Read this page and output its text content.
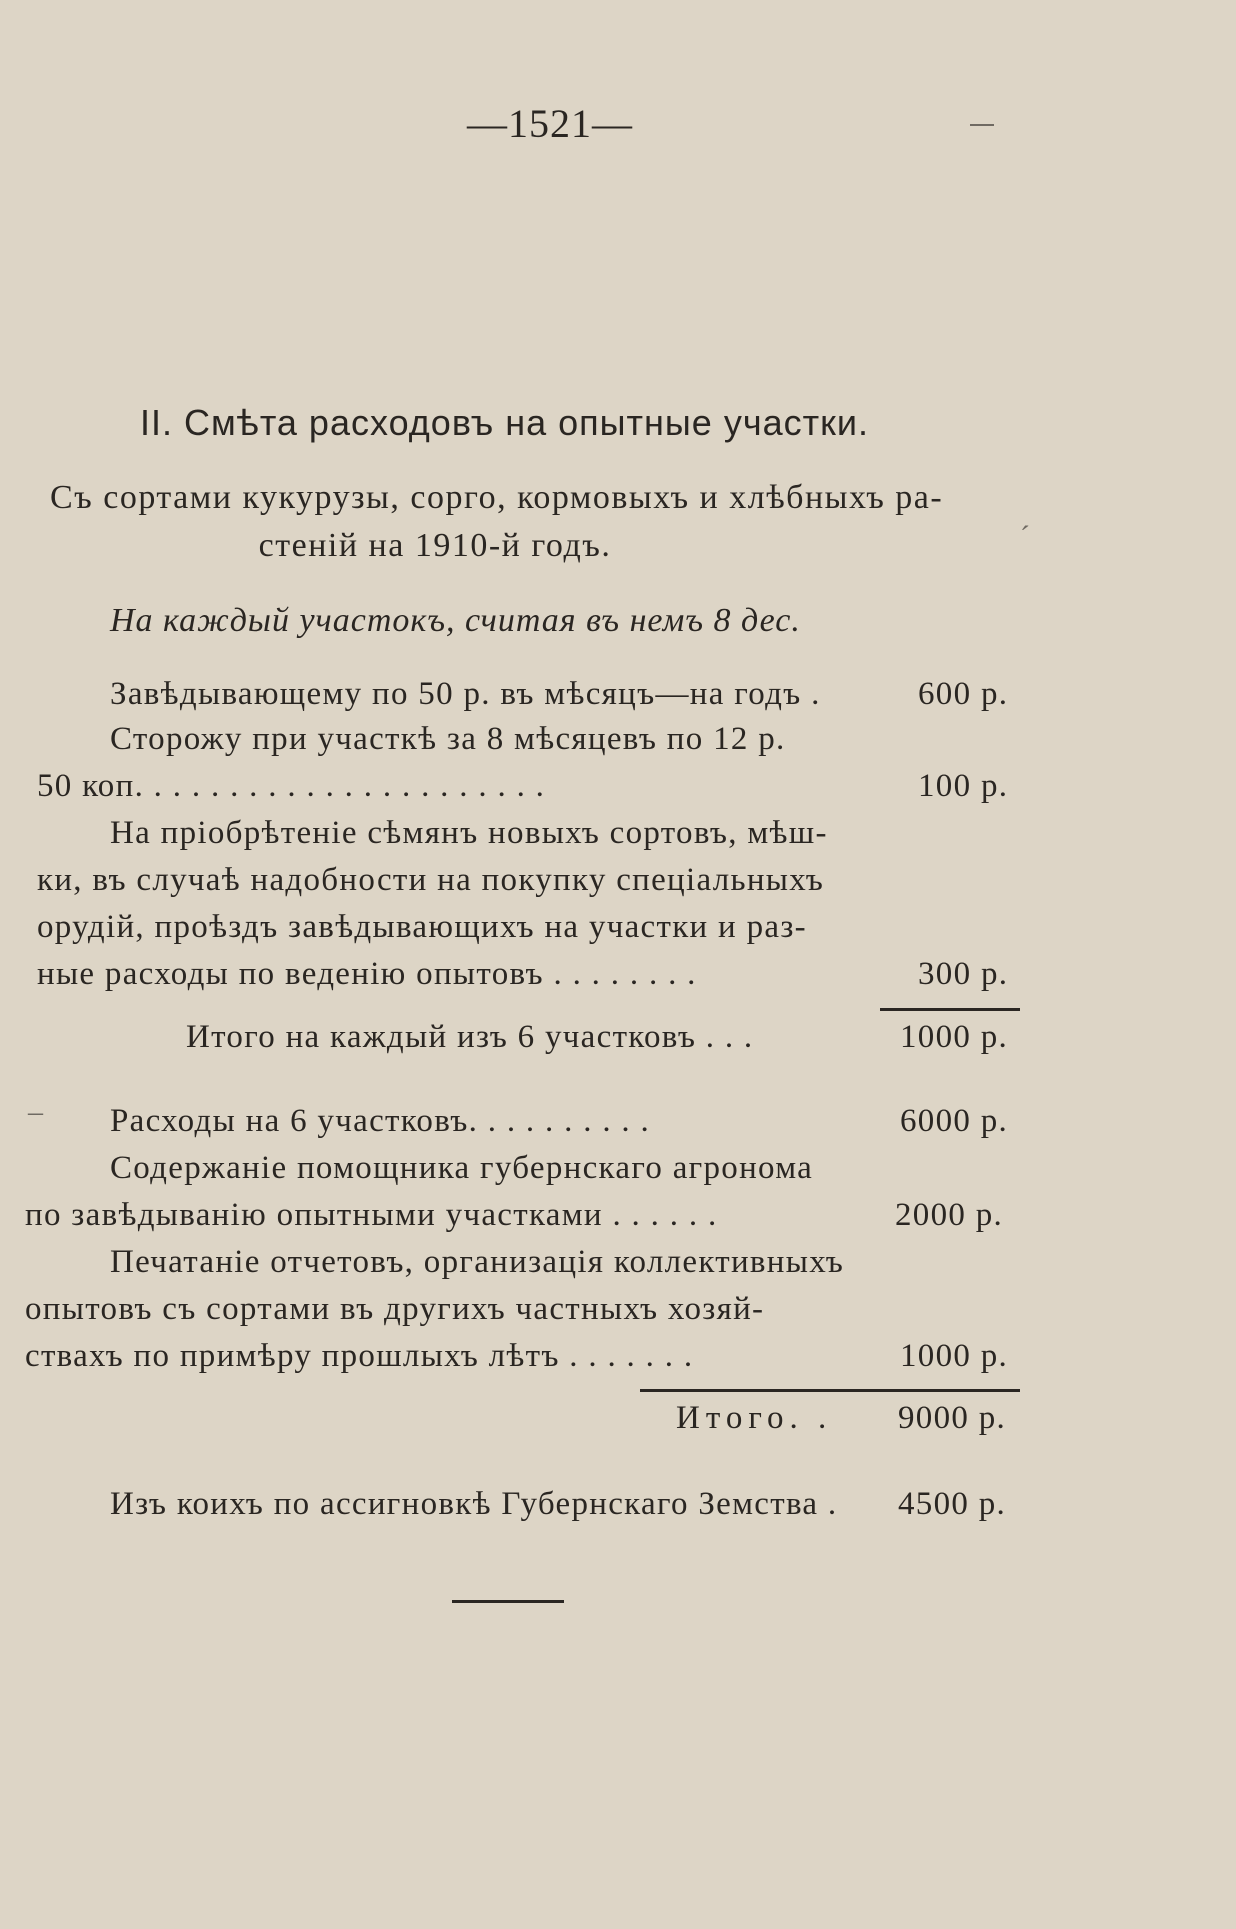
—1521—
II. Смѣта расходовъ на опытные участки.
Съ сортами кукурузы, сорго, кормовыхъ и хлѣбныхъ ра-
стеній на 1910-й годъ.	´
На каждый участокъ, считая въ немъ 8 дес.
Завѣдывающему по 50 р. въ мѣсяцъ—на годъ .	600 р.
Сторожу при участкѣ за 8 мѣсяцевъ по 12 р.
50 коп. . . . . . . . . . . . . . . . . . . . . .	100 р.
На пріобрѣтеніе сѣмянъ новыхъ сортовъ, мѣш-
ки, въ случаѣ надобности на покупку спеціальныхъ
орудій, проѣздъ завѣдывающихъ на участки и раз-
ные расходы по веденію опытовъ . . . . . . . .	300 р.
Итого на каждый изъ 6 участковъ . . .	1000 р.
‒ Расходы на 6 участковъ. . . . . . . . . .	6000 р.
Содержаніе помощника губернскаго агронома
по завѣдыванію опытными участками . . . . . .	2000 р.
Печатаніе отчетовъ, организація коллективныхъ
опытовъ съ сортами въ другихъ частныхъ хозяй-
ствахъ по примѣру прошлыхъ лѣтъ . . . . . . .	1000 р.
Итого. . 9000 р.
Изъ коихъ по ассигновкѣ Губернскаго Земства . 4500 р.
